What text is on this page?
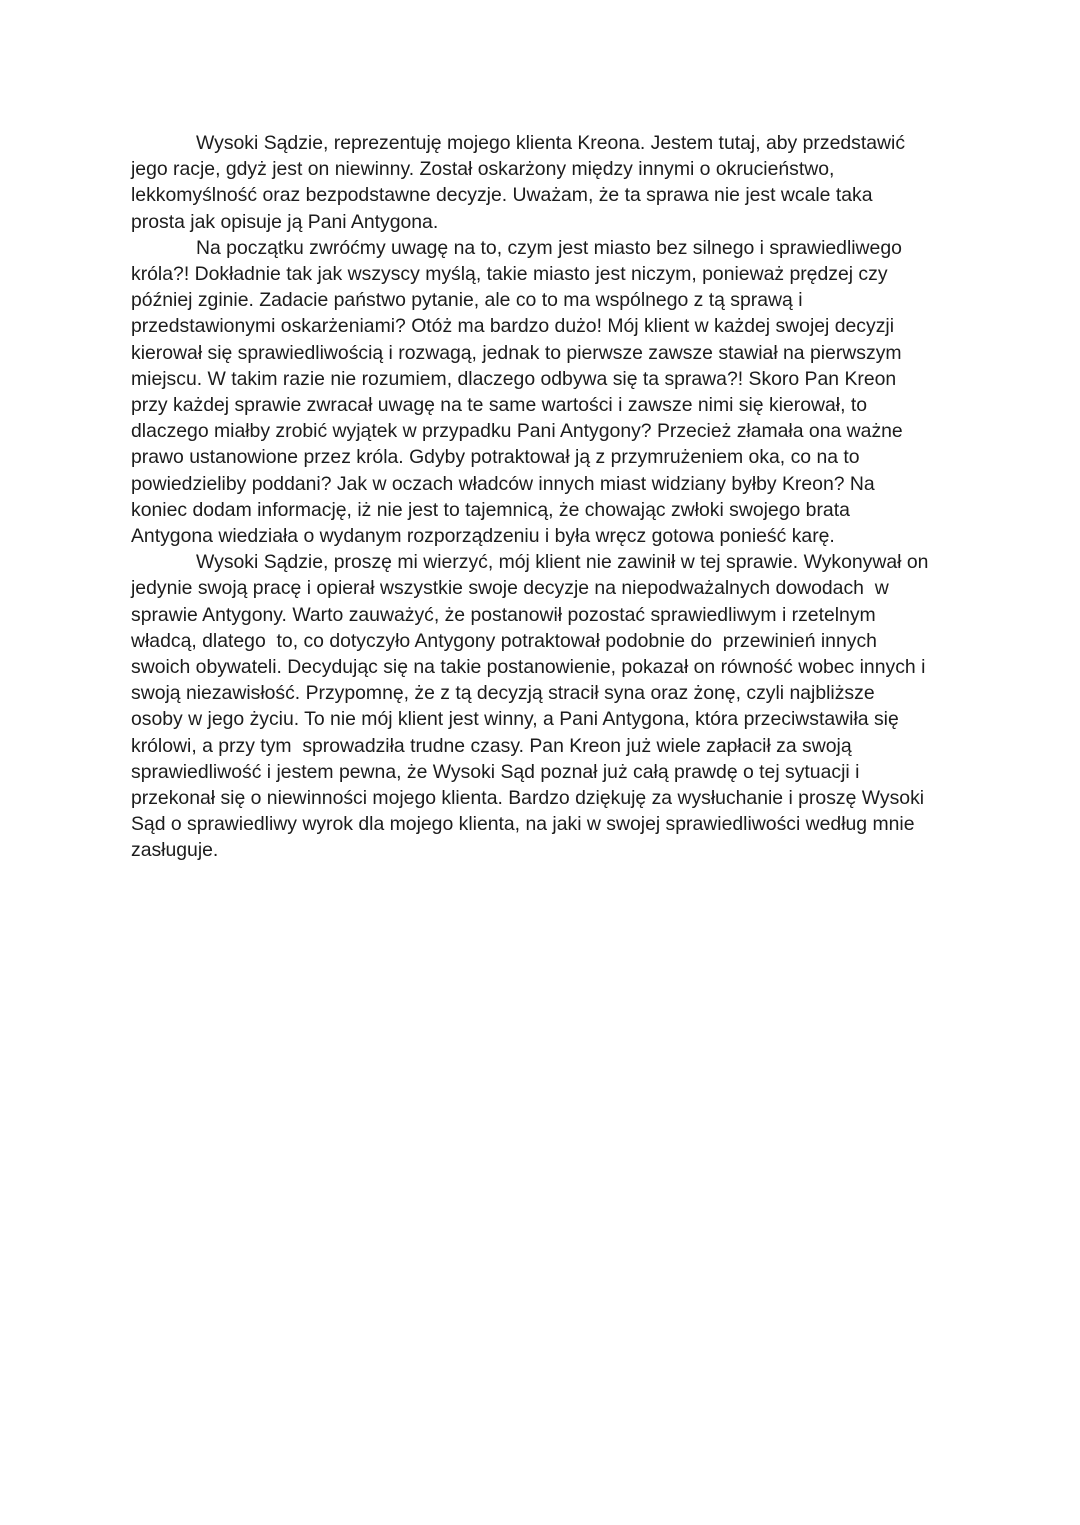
Wysoki Sądzie, reprezentuję mojego klienta Kreona. Jestem tutaj, aby przedstawić
jego racje, gdyż jest on niewinny. Został oskarżony między innymi o okrucieństwo,
lekkomyślność oraz bezpodstawne decyzje. Uważam, że ta sprawa nie jest wcale taka
prosta jak opisuje ją Pani Antygona.
Na początku zwróćmy uwagę na to, czym jest miasto bez silnego i sprawiedliwego
króla?! Dokładnie tak jak wszyscy myślą, takie miasto jest niczym, ponieważ prędzej czy
później zginie. Zadacie państwo pytanie, ale co to ma wspólnego z tą sprawą i
przedstawionymi oskarżeniami? Otóż ma bardzo dużo! Mój klient w każdej swojej decyzji
kierował się sprawiedliwością i rozwagą, jednak to pierwsze zawsze stawiał na pierwszym
miejscu. W takim razie nie rozumiem, dlaczego odbywa się ta sprawa?! Skoro Pan Kreon
przy każdej sprawie zwracał uwagę na te same wartości i zawsze nimi się kierował, to
dlaczego miałby zrobić wyjątek w przypadku Pani Antygony? Przecież złamała ona ważne
prawo ustanowione przez króla. Gdyby potraktował ją z przymrużeniem oka, co na to
powiedzieliby poddani? Jak w oczach władców innych miast widziany byłby Kreon? Na
koniec dodam informację, iż nie jest to tajemnicą, że chowając zwłoki swojego brata
Antygona wiedziała o wydanym rozporządzeniu i była wręcz gotowa ponieść karę.
Wysoki Sądzie, proszę mi wierzyć, mój klient nie zawinił w tej sprawie. Wykonywał on
jedynie swoją pracę i opierał wszystkie swoje decyzje na niepodważalnych dowodach  w
sprawie Antygony. Warto zauważyć, że postanowił pozostać sprawiedliwym i rzetelnym
władcą, dlatego  to, co dotyczyło Antygony potraktował podobnie do  przewinień innych
swoich obywateli. Decydując się na takie postanowienie, pokazał on równość wobec innych i
swoją niezawisłość. Przypomnę, że z tą decyzją stracił syna oraz żonę, czyli najbliższe
osoby w jego życiu. To nie mój klient jest winny, a Pani Antygona, która przeciwstawiła się
królowi, a przy tym  sprowadziła trudne czasy. Pan Kreon już wiele zapłacił za swoją
sprawiedliwość i jestem pewna, że Wysoki Sąd poznał już całą prawdę o tej sytuacji i
przekonał się o niewinności mojego klienta. Bardzo dziękuję za wysłuchanie i proszę Wysoki
Sąd o sprawiedliwy wyrok dla mojego klienta, na jaki w swojej sprawiedliwości według mnie
zasługuje.
